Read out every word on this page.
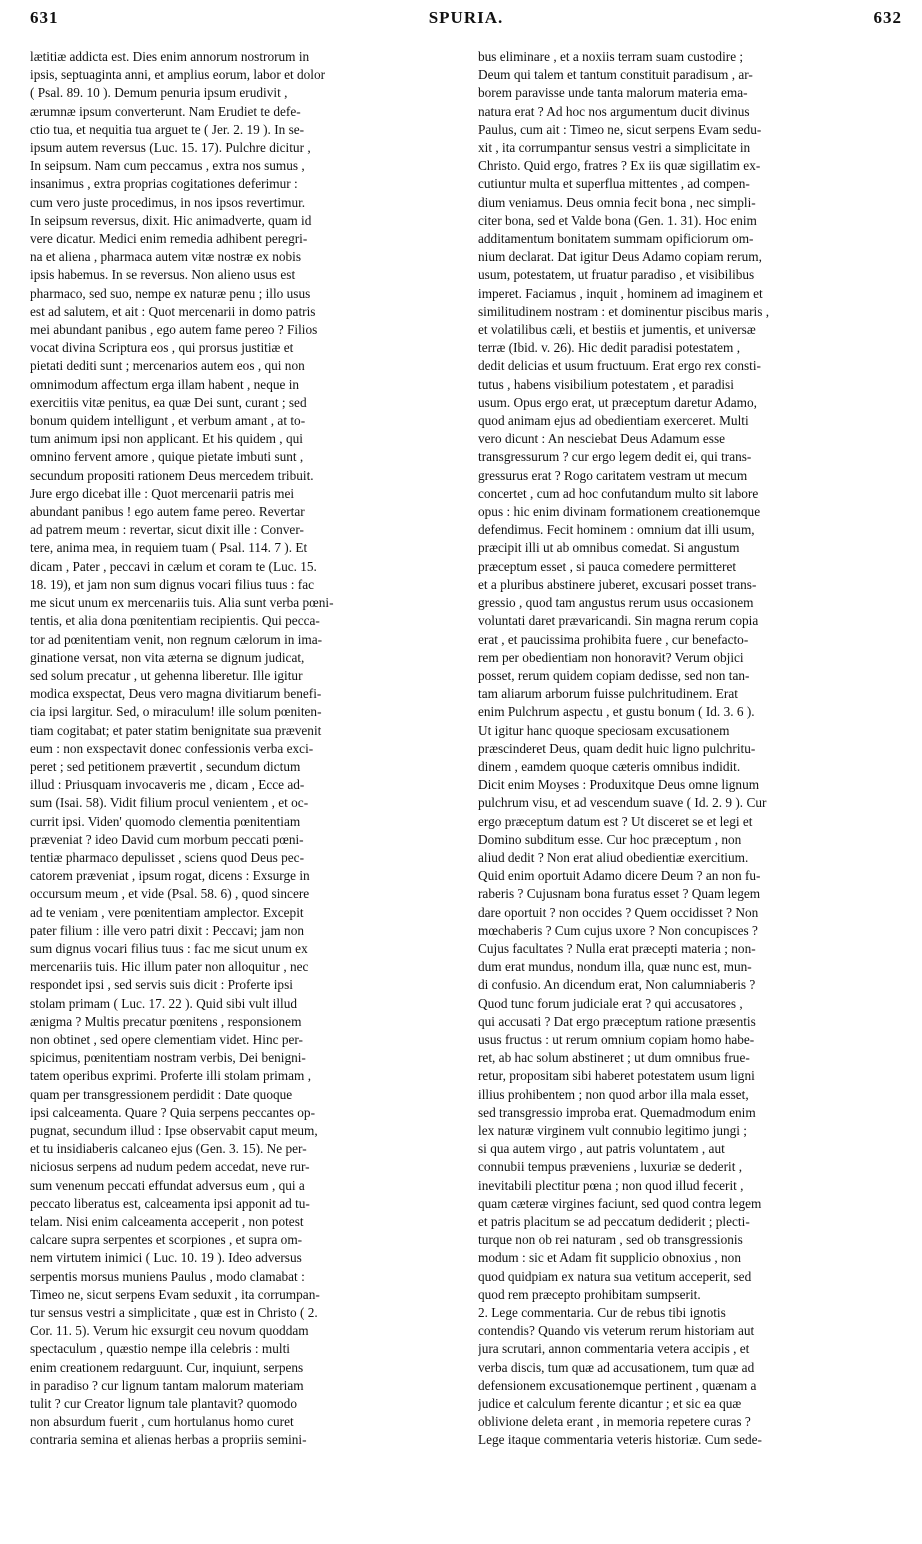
631	SPURIA.	632
lætitiæ addicta est. Dies enim annorum nostrorum in
ipsis, septuaginta anni, et amplius eorum, labor et dolor
( Psal. 89. 10 ). Demum penuria ipsum erudivit ,
ærumnæ ipsum converterunt. Nam Erudiet te defe-
ctio tua, et nequitia tua arguet te ( Jer. 2. 19 ). In se-
ipsum autem reversus (Luc. 15. 17). Pulchre dicitur ,
In seipsum. Nam cum peccamus , extra nos sumus ,
insanimus , extra proprias cogitationes deferimur :
cum vero juste procedimus, in nos ipsos revertimur.
In seipsum reversus, dixit. Hic animadverte, quam id
vere dicatur. Medici enim remedia adhibent peregri-
na et aliena , pharmaca autem vitæ nostræ ex nobis
ipsis habemus. In se reversus. Non alieno usus est
pharmaco, sed suo, nempe ex naturæ penu ; illo usus
est ad salutem, et ait : Quot mercenarii in domo patris
mei abundant panibus , ego autem fame pereo ? Filios
vocat divina Scriptura eos , qui prorsus justitiæ et
pietati dediti sunt ; mercenarios autem eos , qui non
omnimodum affectum erga illam habent , neque in
exercitiis vitæ penitus, ea quæ Dei sunt, curant ; sed
bonum quidem intelligunt , et verbum amant , at to-
tum animum ipsi non applicant. Et his quidem , qui
omnino fervent amore , quique pietate imbuti sunt ,
secundum propositi rationem Deus mercedem tribuit.
Jure ergo dicebat ille : Quot mercenarii patris mei
abundant panibus ! ego autem fame pereo. Revertar
ad patrem meum : revertar, sicut dixit ille : Conver-
tere, anima mea, in requiem tuam ( Psal. 114. 7 ). Et
dicam , Pater , peccavi in cælum et coram te (Luc. 15.
18. 19), et jam non sum dignus vocari filius tuus : fac
me sicut unum ex mercenariis tuis. Alia sunt verba pœni-
tentis, et alia dona pœnitentiam recipientis. Qui pecca-
tor ad pœnitentiam venit, non regnum cælorum in ima-
ginatione versat, non vita æterna se dignum judicat,
sed solum precatur , ut gehenna liberetur. Ille igitur
modica exspectat, Deus vero magna divitiarum benefi-
cia ipsi largitur. Sed, o miraculum! ille solum pœniten-
tiam cogitabat; et pater statim benignitate sua prævenit
eum : non exspectavit donec confessionis verba exci-
peret ; sed petitionem prævertit , secundum dictum
illud : Priusquam invocaveris me , dicam , Ecce ad-
sum (Isai. 58). Vidit filium procul venientem , et oc-
currit ipsi. Viden' quomodo clementia pœnitentiam
præveniat ? ideo David cum morbum peccati pœni-
tentiæ pharmaco depulisset , sciens quod Deus pec-
catorem præveniat , ipsum rogat, dicens : Exsurge in
occursum meum , et vide (Psal. 58. 6) , quod sincere
ad te veniam , vere pœnitentiam amplector. Excepit
pater filium : ille vero patri dixit : Peccavi; jam non
sum dignus vocari filius tuus : fac me sicut unum ex
mercenariis tuis. Hic illum pater non alloquitur , nec
respondet ipsi , sed servis suis dicit : Proferte ipsi
stolam primam ( Luc. 17. 22 ). Quid sibi vult illud
ænigma ? Multis precatur pœnitens , responsionem
non obtinet , sed opere clementiam videt. Hinc per-
spicimus, pœnitentiam nostram verbis, Dei benigni-
tatem operibus exprimi. Proferte illi stolam primam ,
quam per transgressionem perdidit : Date quoque
ipsi calceamenta. Quare ? Quia serpens peccantes op-
pugnat, secundum illud : Ipse observabit caput meum,
et tu insidiaberis calcaneo ejus (Gen. 3. 15). Ne per-
niciosus serpens ad nudum pedem accedat, neve rur-
sum venenum peccati effundat adversus eum , qui a
peccato liberatus est, calceamenta ipsi apponit ad tu-
telam. Nisi enim calceamenta acceperit , non potest
calcare supra serpentes et scorpiones , et supra om-
nem virtutem inimici ( Luc. 10. 19 ). Ideo adversus
serpentis morsus muniens Paulus , modo clamabat :
Timeo ne, sicut serpens Evam seduxit , ita corrumpan-
tur sensus vestri a simplicitate , quæ est in Christo ( 2.
Cor. 11. 5). Verum hic exsurgit ceu novum quoddam
spectaculum , quæstio nempe illa celebris : multi
enim creationem redarguunt. Cur, inquiunt, serpens
in paradiso ? cur lignum tantam malorum materiam
tulit ? cur Creator lignum tale plantavit? quomodo
non absurdum fuerit , cum hortulanus homo curet
contraria semina et alienas herbas a propriis semini-
bus eliminare , et a noxiis terram suam custodire ;
Deum qui talem et tantum constituit paradisum , ar-
borem paravisse unde tanta malorum materia ema-
natura erat ? Ad hoc nos argumentum ducit divinus
Paulus, cum ait : Timeo ne, sicut serpens Evam sedu-
xit , ita corrumpantur sensus vestri a simplicitate in
Christo. Quid ergo, fratres ? Ex iis quæ sigillatim ex-
cutiuntur multa et superflua mittentes , ad compen-
dium veniamus. Deus omnia fecit bona , nec simpli-
citer bona, sed et Valde bona (Gen. 1. 31). Hoc enim
additamentum bonitatem summam opificiorum om-
nium declarat. Dat igitur Deus Adamo copiam rerum,
usum, potestatem, ut fruatur paradiso , et visibilibus
imperet. Faciamus , inquit , hominem ad imaginem et
similitudinem nostram : et dominentur piscibus maris ,
et volatilibus cæli, et bestiis et jumentis, et universæ
terræ (Ibid. v. 26). Hic dedit paradisi potestatem ,
dedit delicias et usum fructuum. Erat ergo rex consti-
tutus , habens visibilium potestatem , et paradisi
usum. Opus ergo erat, ut præceptum daretur Adamo,
quod animam ejus ad obedientiam exerceret. Multi
vero dicunt : An nesciebat Deus Adamum esse
transgressurum ? cur ergo legem dedit ei, qui trans-
gressurus erat ? Rogo caritatem vestram ut mecum
concertet , cum ad hoc confutandum multo sit labore
opus : hic enim divinam formationem creationemque
defendimus. Fecit hominem : omnium dat illi usum,
præcipit illi ut ab omnibus comedat. Si angustum
præceptum esset , si pauca comedere permitteret
et a pluribus abstinere juberet, excusari posset trans-
gressio , quod tam angustus rerum usus occasionem
voluntati daret prævaricandi. Sin magna rerum copia
erat , et paucissima prohibita fuere , cur benefacto-
rem per obedientiam non honoravit? Verum objici
posset, rerum quidem copiam dedisse, sed non tan-
tam aliarum arborum fuisse pulchritudinem. Erat
enim Pulchrum aspectu , et gustu bonum ( Id. 3. 6 ).
Ut igitur hanc quoque speciosam excusationem
præscinderet Deus, quam dedit huic ligno pulchritu-
dinem , eamdem quoque cæteris omnibus indidit.
Dicit enim Moyses : Produxitque Deus omne lignum
pulchrum visu, et ad vescendum suave ( Id. 2. 9 ). Cur
ergo præceptum datum est ? Ut disceret se et legi et
Domino subditum esse. Cur hoc præceptum , non
aliud dedit ? Non erat aliud obedientiæ exercitium.
Quid enim oportuit Adamo dicere Deum ? an non fu-
raberis ? Cujusnam bona furatus esset ? Quam legem
dare oportuit ? non occides ? Quem occidisset ? Non
mœchaberis ? Cum cujus uxore ? Non concupisces ?
Cujus facultates ? Nulla erat præcepti materia ; non-
dum erat mundus, nondum illa, quæ nunc est, mun-
di confusio. An dicendum erat, Non calumniaberis ?
Quod tunc forum judiciale erat ? qui accusatores ,
qui accusati ? Dat ergo præceptum ratione præsentis
usus fructus : ut rerum omnium copiam homo habe-
ret, ab hac solum abstineret ; ut dum omnibus frue-
retur, propositam sibi haberet potestatem usum ligni
illius prohibentem ; non quod arbor illa mala esset,
sed transgressio improba erat. Quemadmodum enim
lex naturæ virginem vult connubio legitimo jungi ;
si qua autem virgo , aut patris voluntatem , aut
connubii tempus præveniens , luxuriæ se dederit ,
inevitabili plectitur pœna ; non quod illud fecerit ,
quam cæteræ virgines faciunt, sed quod contra legem
et patris placitum se ad peccatum dediderit ; plecti-
turque non ob rei naturam , sed ob transgressionis
modum : sic et Adam fit supplicio obnoxius , non
quod quidpiam ex natura sua vetitum acceperit, sed
quod rem præcepto prohibitam sumpserit.
2. Lege commentaria. Cur de rebus tibi ignotis
contendis? Quando vis veterum rerum historiam aut
jura scrutari, annon commentaria vetera accipis , et
verba discis, tum quæ ad accusationem, tum quæ ad
defensionem excusationemque pertinent , quænam a
judice et calculum ferente dicantur ; et sic ea quæ
oblivione deleta erant , in memoria repetere curas ?
Lege itaque commentaria veteris historiæ. Cum sede-
